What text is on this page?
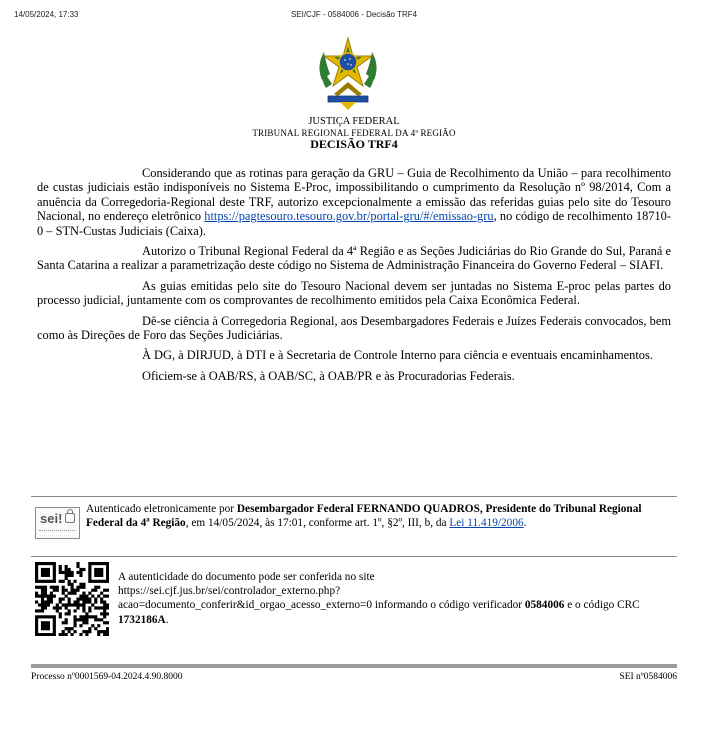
14/05/2024, 17:33	SEI/CJF - 0584006 - Decisão TRF4
JUSTIÇA FEDERAL
TRIBUNAL REGIONAL FEDERAL DA 4ª REGIÃO
DECISÃO TRF4

Considerando que as rotinas para geração da GRU – Guia de Recolhimento da União – para recolhimento de custas judiciais estão indisponíveis no Sistema E-Proc, impossibilitando o cumprimento da Resolução nº 98/2014, Com a anuência da Corregedoria-Regional deste TRF, autorizo excepcionalmente a emissão das referidas guias pelo site do Tesouro Nacional, no endereço eletrônico https://pagtesouro.tesouro.gov.br/portal-gru/#/emissao-gru, no código de recolhimento 18710-0 – STN-Custas Judiciais (Caixa).

Autorizo o Tribunal Regional Federal da 4ª Região e as Seções Judiciárias do Rio Grande do Sul, Paraná e Santa Catarina a realizar a parametrização deste código no Sistema de Administração Financeira do Governo Federal – SIAFI.

As guias emitidas pelo site do Tesouro Nacional devem ser juntadas no Sistema E-proc pelas partes do processo judicial, juntamente com os comprovantes de recolhimento emitidos pela Caixa Econômica Federal.

Dê-se ciência à Corregedoria Regional, aos Desembargadores Federais e Juízes Federais convocados, bem como às Direções de Foro das Seções Judiciárias.

À DG, à DIRJUD, à DTI e à Secretaria de Controle Interno para ciência e eventuais encaminhamentos.

Oficiem-se à OAB/RS, à OAB/SC, à OAB/PR e às Procuradorias Federais.

sei!
Autenticado eletronicamente por Desembargador Federal FERNANDO QUADROS, Presidente do Tribunal Regional Federal da 4ª Região, em 14/05/2024, às 17:01, conforme art. 1º, §2º, III, b, da Lei 11.419/2006.
A autenticidade do documento pode ser conferida no site
https://sei.cjf.jus.br/sei/controlador_externo.php?
acao=documento_conferir&id_orgao_acesso_externo=0 informando o código verificador 0584006 e o código CRC 1732186A.
Processo nº0001569-04.2024.4.90.8000	SEI nº0584006
